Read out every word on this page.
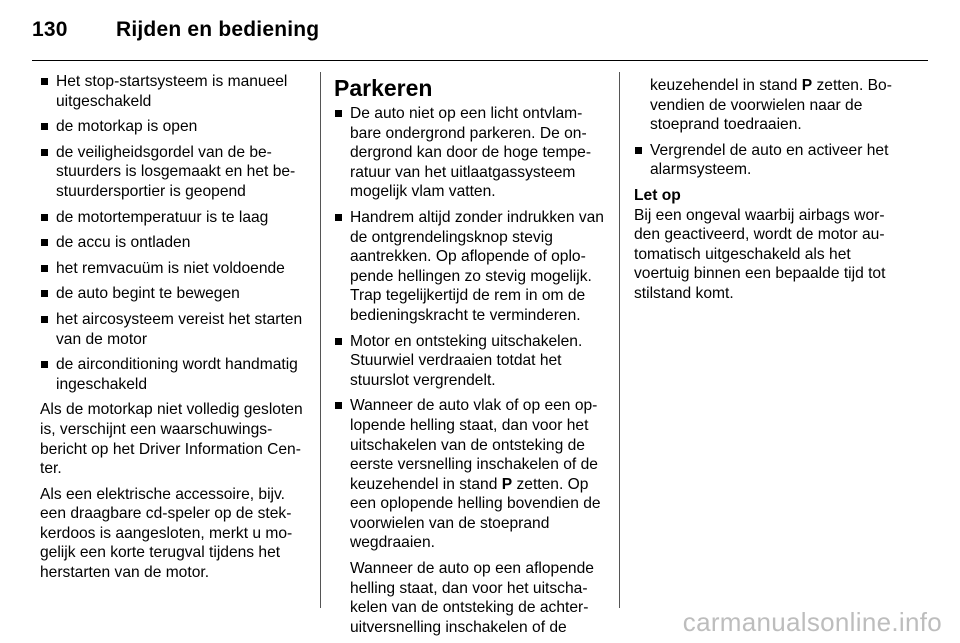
130	Rijden en bediening
Het stop-startsysteem is manueel uitgeschakeld
de motorkap is open
de veiligheidsgordel van de bestuurders is losgemaakt en het bestuurdersportier is geopend
de motortemperatuur is te laag
de accu is ontladen
het remvacuüm is niet voldoende
de auto begint te bewegen
het aircosysteem vereist het starten van de motor
de airconditioning wordt handmatig ingeschakeld

Als de motorkap niet volledig gesloten is, verschijnt een waarschuwingsbericht op het Driver Information Center.

Als een elektrische accessoire, bijv. een draagbare cd-speler op de stekkerdoos is aangesloten, merkt u mogelijk een korte terugval tijdens het herstarten van de motor.

Parkeren
De auto niet op een licht ontvlambare ondergrond parkeren. De ondergrond kan door de hoge temperatuur van het uitlaatgassysteem mogelijk vlam vatten.
Handrem altijd zonder indrukken van de ontgrendelingsknop stevig aantrekken. Op aflopende of oplopende hellingen zo stevig mogelijk. Trap tegelijkertijd de rem in om de bedieningskracht te verminderen.
Motor en ontsteking uitschakelen. Stuurwiel verdraaien totdat het stuurslot vergrendelt.
Wanneer de auto vlak of op een oplopende helling staat, dan voor het uitschakelen van de ontsteking de eerste versnelling inschakelen of de keuzehendel in stand P zetten. Op een oplopende helling bovendien de voorwielen van de stoeprand wegdraaien.

Wanneer de auto op een aflopende helling staat, dan voor het uitschakelen van de ontsteking de achteruitversnelling inschakelen of de

keuzehendel in stand P zetten. Bovendien de voorwielen naar de stoeprand toedraaien.

Vergrendel de auto en activeer het alarmsysteem.
Let op

Bij een ongeval waarbij airbags worden geactiveerd, wordt de motor automatisch uitgeschakeld als het voertuig binnen een bepaalde tijd tot stilstand komt.

carmanualsonline.info
